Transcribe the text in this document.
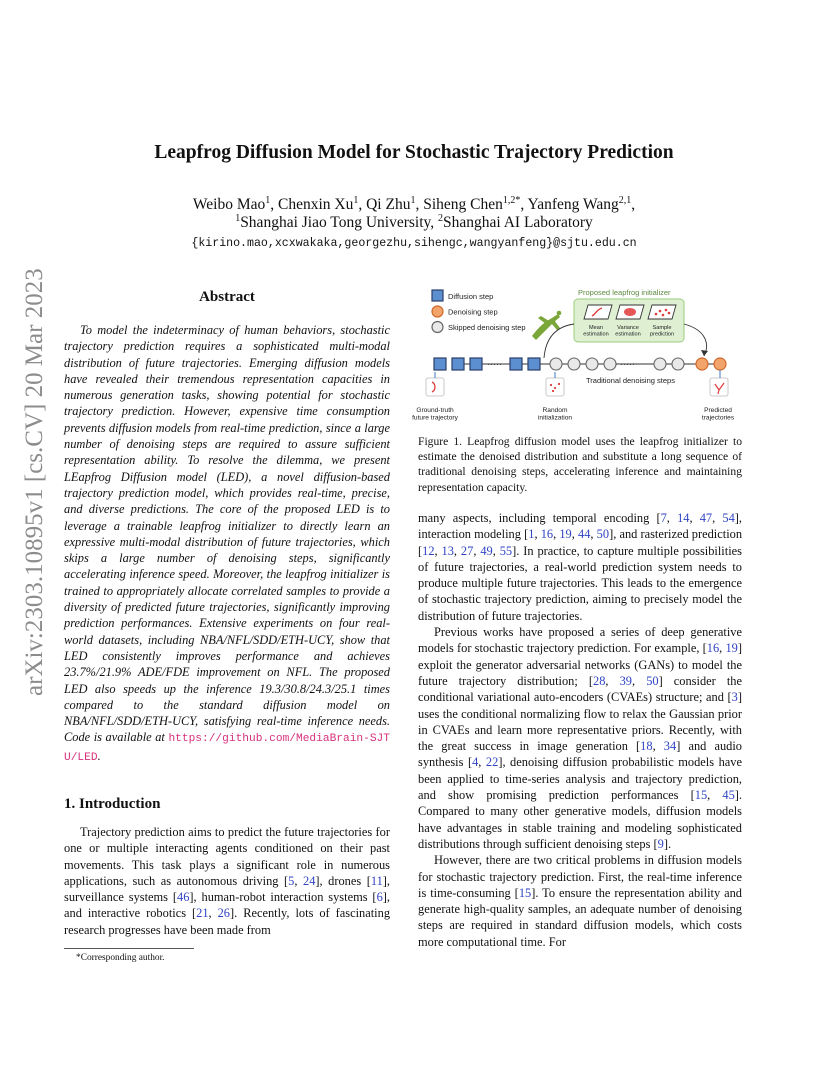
arXiv:2303.10895v1 [cs.CV] 20 Mar 2023
Leapfrog Diffusion Model for Stochastic Trajectory Prediction
Weibo Mao$^1$, Chenxin Xu$^1$, Qi Zhu$^1$, Siheng Chen$^{1,2*}$, Yanfeng Wang$^{2,1}$,
$^1$Shanghai Jiao Tong University, $^2$Shanghai AI Laboratory
{kirino.mao,xcxwakaka,georgezhu,sihengc,wangyanfeng}@sjtu.edu.cn
Abstract

To model the indeterminacy of human behaviors, stochastic trajectory prediction requires a sophisticated multi-modal distribution of future trajectories. Emerging diffusion models have revealed their tremendous representation capacities in numerous generation tasks, showing potential for stochastic trajectory prediction. However, expensive time consumption prevents diffusion models from real-time prediction, since a large number of denoising steps are required to assure sufficient representation ability. To resolve the dilemma, we present LEapfrog Diffusion model (LED), a novel diffusion-based trajectory prediction model, which provides real-time, precise, and diverse predictions. The core of the proposed LED is to leverage a trainable leapfrog initializer to directly learn an expressive multi-modal distribution of future trajectories, which skips a large number of denoising steps, significantly accelerating inference speed. Moreover, the leapfrog initializer is trained to appropriately allocate correlated samples to provide a diversity of predicted future trajectories, significantly improving prediction performances. Extensive experiments on four real-world datasets, including NBA/NFL/SDD/ETH-UCY, show that LED consistently improves performance and achieves 23.7%/21.9% ADE/FDE improvement on NFL. The proposed LED also speeds up the inference 19.3/30.8/24.3/25.1 times compared to the standard diffusion model on NBA/NFL/SDD/ETH-UCY, satisfying real-time inference needs. Code is available at https://github.com/MediaBrain-SJTU/LED.

1. Introduction

Trajectory prediction aims to predict the future trajectories for one or multiple interacting agents conditioned on their past movements. This task plays a significant role in numerous applications, such as autonomous driving [5, 24], drones [11], surveillance systems [46], human-robot interaction systems [6], and interactive robotics [21, 26]. Recently, lots of fascinating research progresses have been made from

*Corresponding author.
Diffusion step
Denoising step
Skipped denoising step
Proposed leapfrog initializer
Mean estimation
Variance estimation
Sample prediction
·····	·····
Traditional denoising steps
Ground-truth future trajectory
Random initialization
Predicted trajectories

Figure 1. Leapfrog diffusion model uses the leapfrog initializer to estimate the denoised distribution and substitute a long sequence of traditional denoising steps, accelerating inference and maintaining representation capacity.

many aspects, including temporal encoding [7, 14, 47, 54], interaction modeling [1, 16, 19, 44, 50], and rasterized prediction [12, 13, 27, 49, 55]. In practice, to capture multiple possibilities of future trajectories, a real-world prediction system needs to produce multiple future trajectories. This leads to the emergence of stochastic trajectory prediction, aiming to precisely model the distribution of future trajectories.

Previous works have proposed a series of deep generative models for stochastic trajectory prediction. For example, [16, 19] exploit the generator adversarial networks (GANs) to model the future trajectory distribution; [28, 39, 50] consider the conditional variational auto-encoders (CVAEs) structure; and [3] uses the conditional normalizing flow to relax the Gaussian prior in CVAEs and learn more representative priors. Recently, with the great success in image generation [18, 34] and audio synthesis [4, 22], denoising diffusion probabilistic models have been applied to time-series analysis and trajectory prediction, and show promising prediction performances [15, 45]. Compared to many other generative models, diffusion models have advantages in stable training and modeling sophisticated distributions through sufficient denoising steps [9].

However, there are two critical problems in diffusion models for stochastic trajectory prediction. First, the real-time inference is time-consuming [15]. To ensure the representation ability and generate high-quality samples, an adequate number of denoising steps are required in standard diffusion models, which costs more computational time. For
